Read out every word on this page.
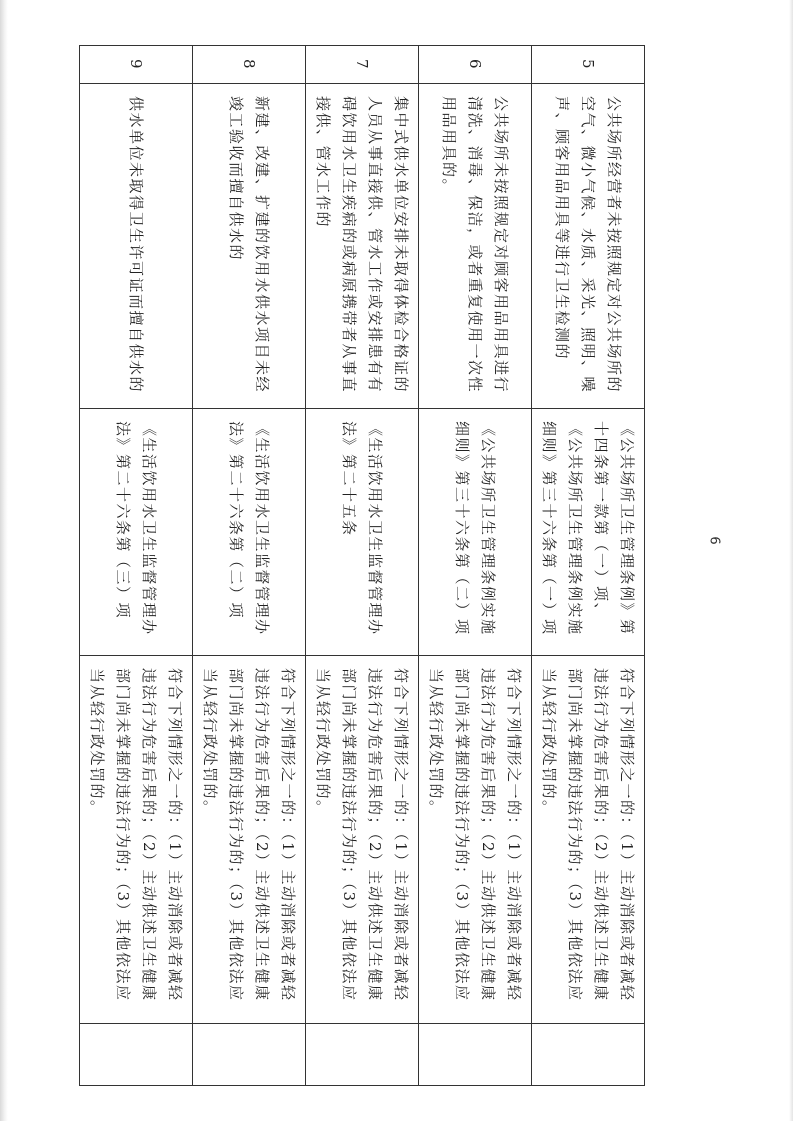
5	公共场所经营者未按照规定对公共场所的空气、微小气候、水质、采光、照明、噪声、顾客用品用具等进行卫生检测的	《公共场所卫生管理条例》第十四条第一款第（一）项、《公共场所卫生管理条例实施细则》第三十六条第（一）项	符合下列情形之一的：（1）主动消除或者减轻违法行为危害后果的；（2）主动供述卫生健康部门尚未掌握的违法行为的；（3）其他依法应当从轻行政处罚的。	
6	公共场所未按照规定对顾客用品用具进行清洗、消毒、保洁，或者重复使用一次性用品用具的。	《公共场所卫生管理条例实施细则》第三十六条第（二）项	符合下列情形之一的：（1）主动消除或者减轻违法行为危害后果的；（2）主动供述卫生健康部门尚未掌握的违法行为的；（3）其他依法应当从轻行政处罚的。	
7	集中式供水单位安排未取得体检合格证的人员从事直接供、管水工作或安排患有有碍饮用水卫生疾病的或病原携带者从事直接供、管水工作的	《生活饮用水卫生监督管理办法》第二十五条	符合下列情形之一的：（1）主动消除或者减轻违法行为危害后果的；（2）主动供述卫生健康部门尚未掌握的违法行为的；（3）其他依法应当从轻行政处罚的。	
8	新建、改建、扩建的饮用水供水项目未经竣工验收而擅自供水的	《生活饮用水卫生监督管理办法》第二十六条第（二）项	符合下列情形之一的：（1）主动消除或者减轻违法行为危害后果的；（2）主动供述卫生健康部门尚未掌握的违法行为的；（3）其他依法应当从轻行政处罚的。	
9	供水单位未取得卫生许可证而擅自供水的	《生活饮用水卫生监督管理办法》第二十六条第（三）项	符合下列情形之一的：（1）主动消除或者减轻违法行为危害后果的；（2）主动供述卫生健康部门尚未掌握的违法行为的；（3）其他依法应当从轻行政处罚的。	
6
